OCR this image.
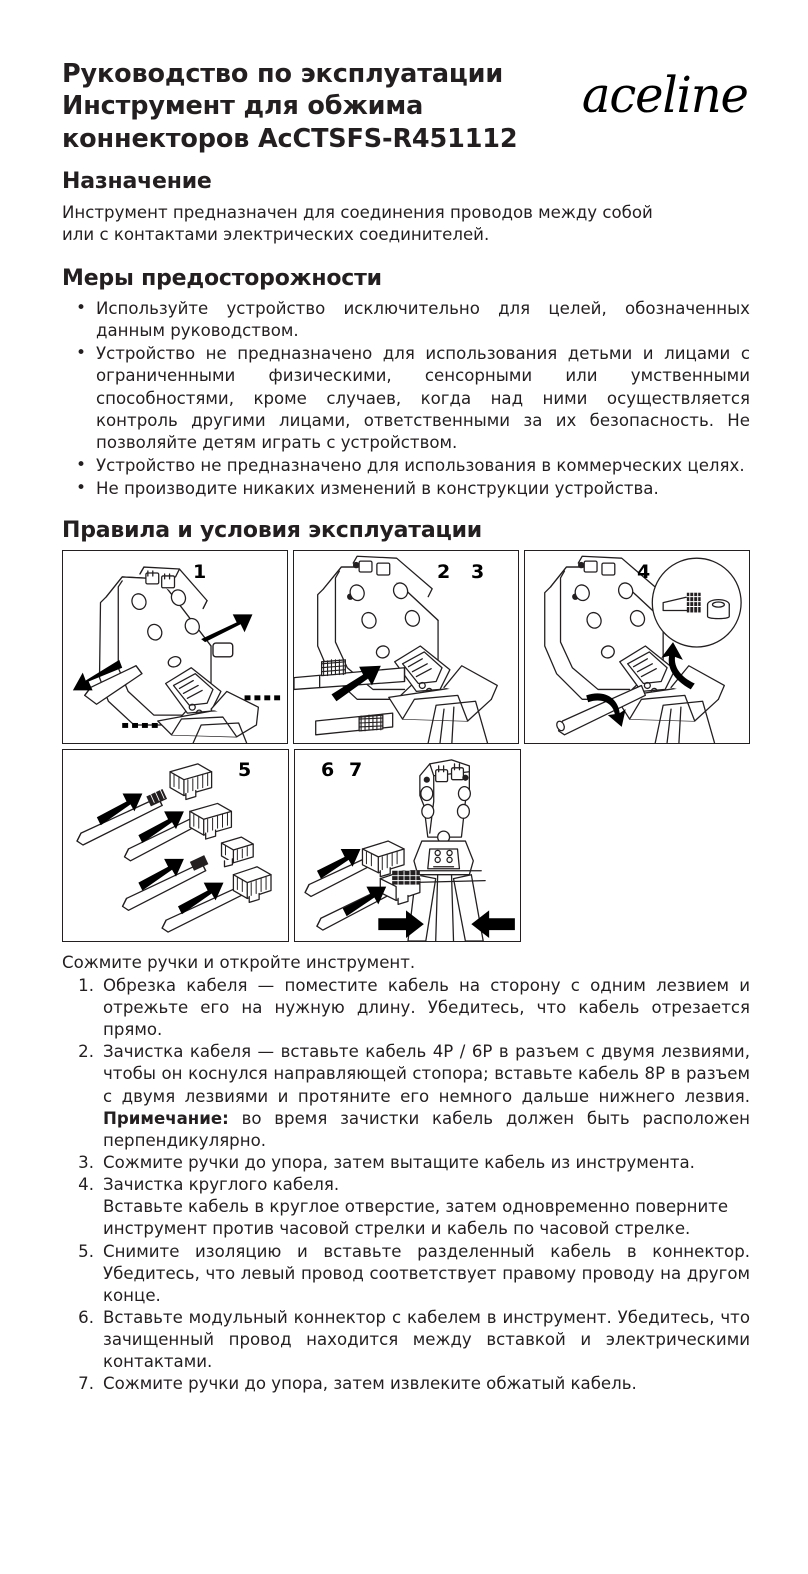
Руководство по эксплуатации
Инструмент для обжима
коннекторов AcCTSFS-R451112
aceline
Назначение

Инструмент предназначен для соединения проводов между собой

или с контактами электрических соединителей.

Меры предосторожности
• Используйте устройство исключительно для целей, обозначенных данным руководством.
• Устройство не предназначено для использования детьми и лицами с ограниченными физическими, сенсорными или умственными способностями, кроме случаев, когда над ними осуществляется контроль другими лицами, ответственными за их безопасность. Не позволяйте детям играть с устройством.
• Устройство не предназначено для использования в коммерческих целях.
• Не производите никаких изменений в конструкции устройства.
Правила и условия эксплуатации
1	2 3	4
5	6 7

Сожмите ручки и откройте инструмент.

Обрезка кабеля — поместите кабель на сторону с одним лезвием и отрежьте его на нужную длину. Убедитесь, что кабель отрезается прямо.
Зачистка кабеля — вставьте кабель 4P / 6P в разъем с двумя лезвиями, чтобы он коснулся направляющей стопора; вставьте кабель 8P в разъем с двумя лезвиями и протяните его немного дальше нижнего лезвия. Примечание: во время зачистки кабель должен быть расположен перпендикулярно.
Сожмите ручки до упора, затем вытащите кабель из инструмента.
Зачистка круглого кабеля.
Вставьте кабель в круглое отверстие, затем одновременно поверните инструмент против часовой стрелки и кабель по часовой стрелке.
Снимите изоляцию и вставьте разделенный кабель в коннектор. Убедитесь, что левый провод соответствует правому проводу на другом конце.
Вставьте модульный коннектор с кабелем в инструмент. Убедитесь, что зачищенный провод находится между вставкой и электрическими контактами.
Сожмите ручки до упора, затем извлеките обжатый кабель.
